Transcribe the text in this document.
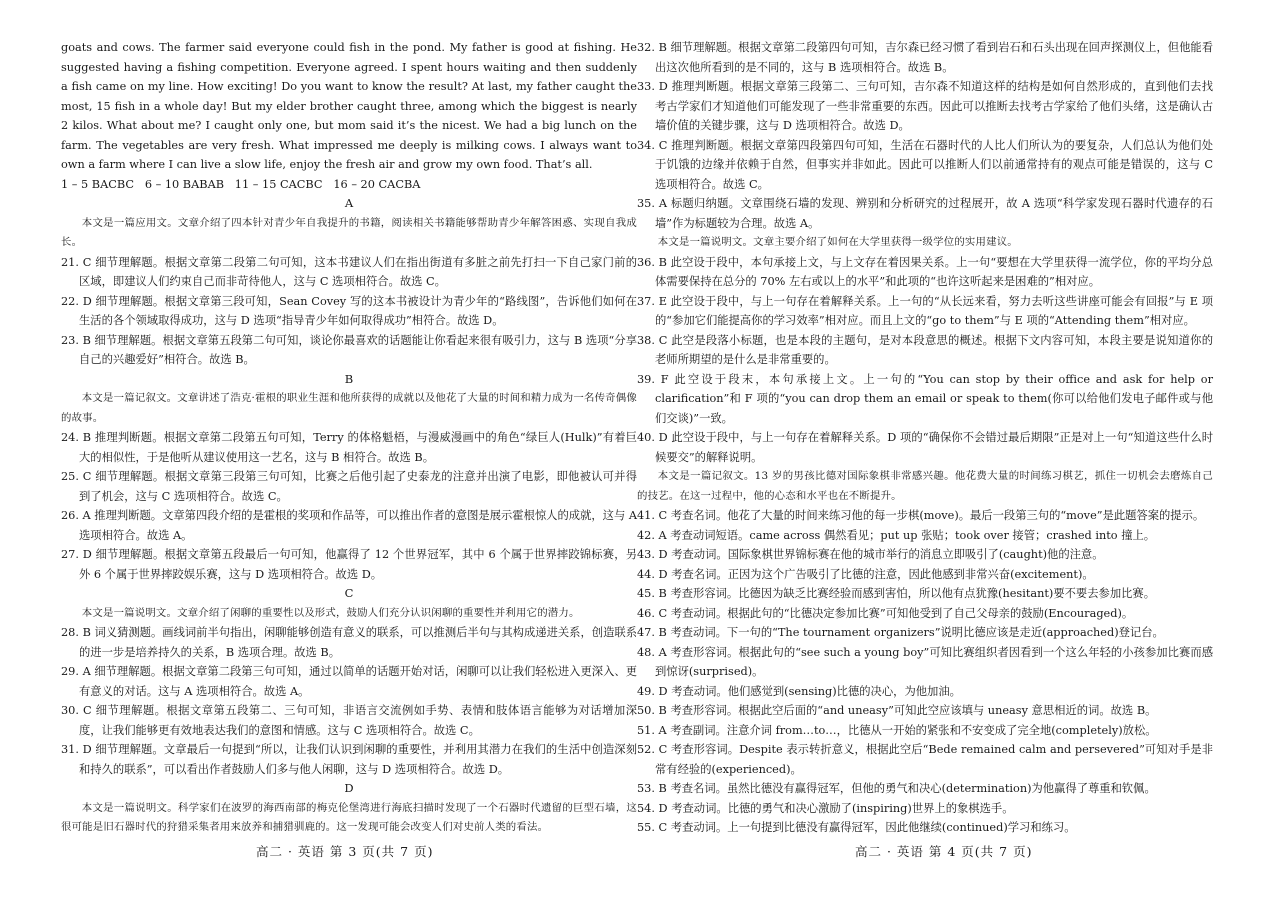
goats and cows. The farmer said everyone could fish in the pond. My father is good at fishing. He suggested having a fishing competition. Everyone agreed. I spent hours waiting and then suddenly a fish came on my line. How exciting! Do you want to know the result? At last, my father caught the most, 15 fish in a whole day! But my elder brother caught three, among which the biggest is nearly 2 kilos. What about me? I caught only one, but mom said it’s the nicest. We had a big lunch on the farm. The vegetables are very fresh. What impressed me deeply is milking cows. I always want to own a farm where I can live a slow life, enjoy the fresh air and grow my own food. That’s all.

1 – 5 BACBC   6 – 10 BABAB   11 – 15 CACBC   16 – 20 CACBA

A

本文是一篇应用文。文章介绍了四本针对青少年自我提升的书籍，阅读相关书籍能够帮助青少年解答困惑、实现自我成长。

21. C 细节理解题。根据文章第二段第二句可知，这本书建议人们在指出街道有多脏之前先打扫一下自己家门前的区域，即建议人们约束自己而非苛待他人，这与 C 选项相符合。故选 C。

22. D 细节理解题。根据文章第三段可知，Sean Covey 写的这本书被设计为青少年的“路线图”，告诉他们如何在生活的各个领域取得成功，这与 D 选项“指导青少年如何取得成功”相符合。故选 D。

23. B 细节理解题。根据文章第五段第二句可知，谈论你最喜欢的话题能让你看起来很有吸引力，这与 B 选项“分享自己的兴趣爱好”相符合。故选 B。

B

本文是一篇记叙文。文章讲述了浩克·霍根的职业生涯和他所获得的成就以及他花了大量的时间和精力成为一名传奇偶像的故事。

24. B 推理判断题。根据文章第二段第五句可知，Terry 的体格魁梧，与漫威漫画中的角色“绿巨人(Hulk)”有着巨大的相似性，于是他听从建议使用这一艺名，这与 B 相符合。故选 B。

25. C 细节理解题。根据文章第三段第三句可知，比赛之后他引起了史泰龙的注意并出演了电影，即他被认可并得到了机会，这与 C 选项相符合。故选 C。

26. A 推理判断题。文章第四段介绍的是霍根的奖项和作品等，可以推出作者的意图是展示霍根惊人的成就，这与 A 选项相符合。故选 A。

27. D 细节理解题。根据文章第五段最后一句可知，他赢得了 12 个世界冠军，其中 6 个属于世界摔跤锦标赛，另外 6 个属于世界摔跤娱乐赛，这与 D 选项相符合。故选 D。

C

本文是一篇说明文。文章介绍了闲聊的重要性以及形式，鼓励人们充分认识闲聊的重要性并利用它的潜力。

28. B 词义猜测题。画线词前半句指出，闲聊能够创造有意义的联系，可以推测后半句与其构成递进关系，创造联系的进一步是培养持久的关系，B 选项合理。故选 B。

29. A 细节理解题。根据文章第二段第三句可知，通过以简单的话题开始对话，闲聊可以让我们轻松进入更深入、更有意义的对话。这与 A 选项相符合。故选 A。

30. C 细节理解题。根据文章第五段第二、三句可知，非语言交流例如手势、表情和肢体语言能够为对话增加深度，让我们能够更有效地表达我们的意图和情感。这与 C 选项相符合。故选 C。

31. D 细节理解题。文章最后一句提到“所以，让我们认识到闲聊的重要性，并利用其潜力在我们的生活中创造深刻和持久的联系”，可以看出作者鼓励人们多与他人闲聊，这与 D 选项相符合。故选 D。

D

本文是一篇说明文。科学家们在波罗的海西南部的梅克伦堡湾进行海底扫描时发现了一个石器时代遗留的巨型石墙，这很可能是旧石器时代的狩猎采集者用来放养和捕猎驯鹿的。这一发现可能会改变人们对史前人类的看法。

32. B 细节理解题。根据文章第二段第四句可知，吉尔森已经习惯了看到岩石和石头出现在回声探测仪上，但他能看出这次他所看到的是不同的，这与 B 选项相符合。故选 B。

33. D 推理判断题。根据文章第三段第二、三句可知，吉尔森不知道这样的结构是如何自然形成的，直到他们去找考古学家们才知道他们可能发现了一些非常重要的东西。因此可以推断去找考古学家给了他们头绪，这是确认古墙价值的关键步骤，这与 D 选项相符合。故选 D。

34. C 推理判断题。根据文章第四段第四句可知，生活在石器时代的人比人们所认为的要复杂，人们总认为他们处于饥饿的边缘并依赖于自然，但事实并非如此。因此可以推断人们以前通常持有的观点可能是错误的，这与 C 选项相符合。故选 C。

35. A 标题归纳题。文章围绕石墙的发现、辨别和分析研究的过程展开，故 A 选项“科学家发现石器时代遗存的石墙”作为标题较为合理。故选 A。

本文是一篇说明文。文章主要介绍了如何在大学里获得一级学位的实用建议。

36. B 此空设于段中，本句承接上文，与上文存在着因果关系。上一句“要想在大学里获得一流学位，你的平均分总体需要保持在总分的 70% 左右或以上的水平”和此项的“也许这听起来是困难的”相对应。

37. E 此空设于段中，与上一句存在着解释关系。上一句的“从长远来看，努力去听这些讲座可能会有回报”与 E 项的“参加它们能提高你的学习效率”相对应。而且上文的“go to them”与 E 项的“Attending them”相对应。

38. C 此空是段落小标题，也是本段的主题句，是对本段意思的概述。根据下文内容可知，本段主要是说知道你的老师所期望的是什么是非常重要的。

39. F 此空设于段末，本句承接上文。上一句的“You can stop by their office and ask for help or clarification”和 F 项的“you can drop them an email or speak to them(你可以给他们发电子邮件或与他们交谈)”一致。

40. D 此空设于段中，与上一句存在着解释关系。D 项的“确保你不会错过最后期限”正是对上一句“知道这些什么时候要交”的解释说明。

本文是一篇记叙文。13 岁的男孩比德对国际象棋非常感兴趣。他花费大量的时间练习棋艺，抓住一切机会去磨炼自己的技艺。在这一过程中，他的心态和水平也在不断提升。

41. C 考查名词。他花了大量的时间来练习他的每一步棋(move)。最后一段第三句的“move”是此题答案的提示。

42. A 考查动词短语。came across 偶然看见；put up 张贴；took over 接管；crashed into 撞上。

43. D 考查动词。国际象棋世界锦标赛在他的城市举行的消息立即吸引了(caught)他的注意。

44. D 考查名词。正因为这个广告吸引了比德的注意，因此他感到非常兴奋(excitement)。

45. B 考查形容词。比德因为缺乏比赛经验而感到害怕，所以他有点犹豫(hesitant)要不要去参加比赛。

46. C 考查动词。根据此句的“比德决定参加比赛”可知他受到了自己父母亲的鼓励(Encouraged)。

47. B 考查动词。下一句的“The tournament organizers”说明比德应该是走近(approached)登记台。

48. A 考查形容词。根据此句的“see such a young boy”可知比赛组织者因看到一个这么年轻的小孩参加比赛而感到惊讶(surprised)。

49. D 考查动词。他们感觉到(sensing)比德的决心，为他加油。

50. B 考查形容词。根据此空后面的“and uneasy”可知此空应该填与 uneasy 意思相近的词。故选 B。

51. A 考查副词。注意介词 from…to…，比德从一开始的紧张和不安变成了完全地(completely)放松。

52. C 考查形容词。Despite 表示转折意义，根据此空后“Bede remained calm and persevered”可知对手是非常有经验的(experienced)。

53. B 考查名词。虽然比德没有赢得冠军，但他的勇气和决心(determination)为他赢得了尊重和钦佩。

54. D 考查动词。比德的勇气和决心激励了(inspiring)世界上的象棋选手。

55. C 考查动词。上一句提到比德没有赢得冠军，因此他继续(continued)学习和练习。

高二 · 英语 第 3 页(共 7 页)	高二 · 英语 第 4 页(共 7 页)
